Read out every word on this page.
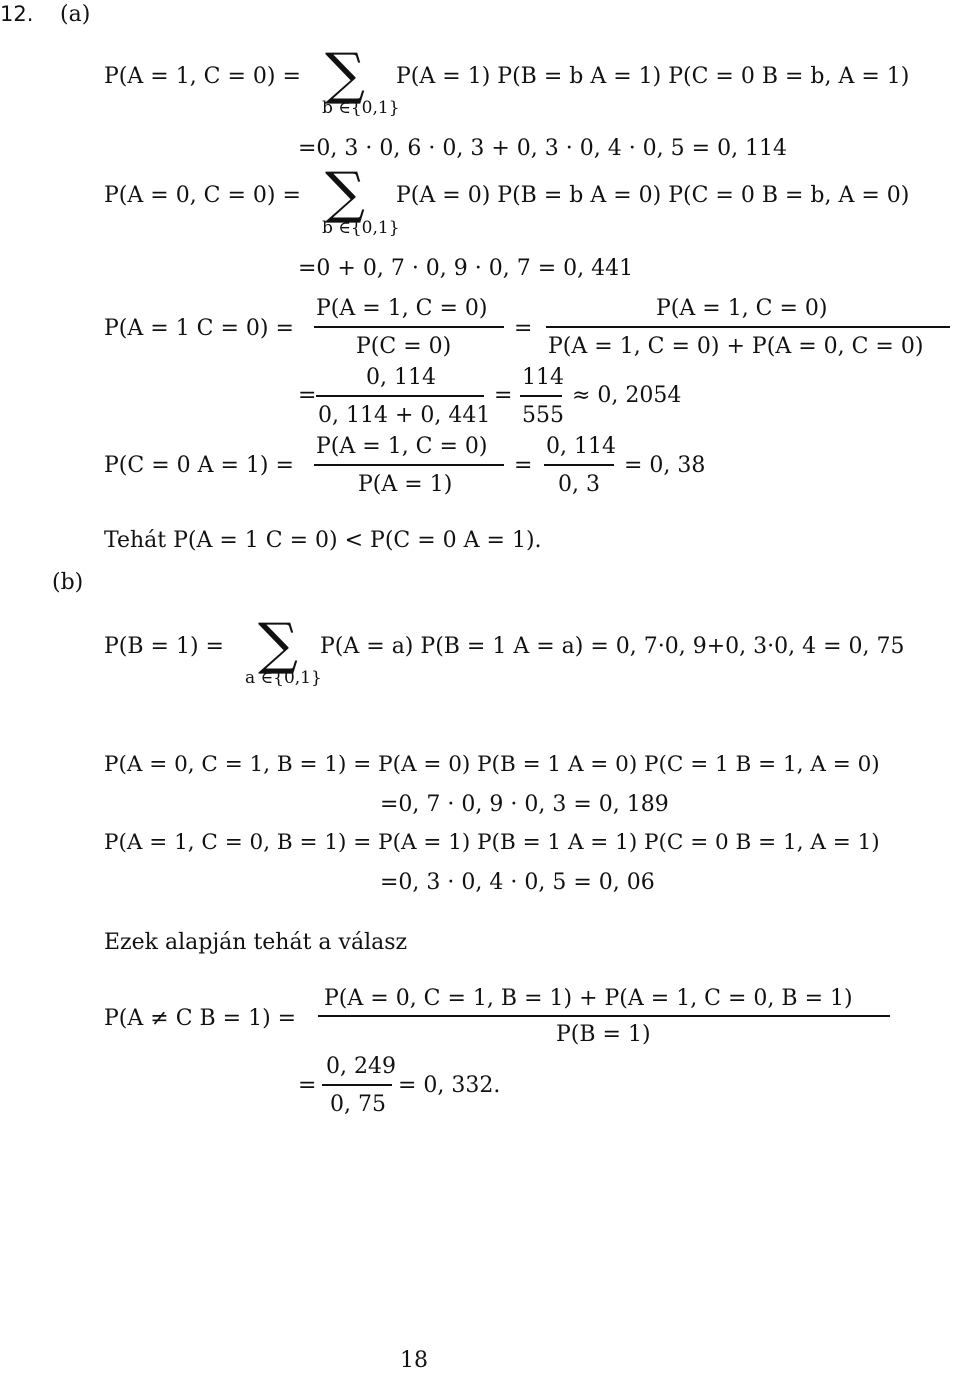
12. (a)
P(A = 1, C = 0) = ∑
b ∈{0,1}
P(A = 1) P(B = b A = 1) P(C = 0 B = b, A = 1)
=0, 3 · 0, 6 · 0, 3 + 0, 3 · 0, 4 · 0, 5 = 0, 114
P(A = 0, C = 0) = ∑
b ∈{0,1}
P(A = 0) P(B = b A = 0) P(C = 0 B = b, A = 0)
=0 + 0, 7 · 0, 9 · 0, 7 = 0, 441
P(A = 1 C = 0) =
P(A = 1, C = 0)
P(C = 0)
=
P(A = 1, C = 0)
P(A = 1, C = 0) + P(A = 0, C = 0)
=
0, 114
0, 114 + 0, 441
=
114
555
≈ 0, 2054
P(C = 0 A = 1) =
P(A = 1, C = 0)
P(A = 1)
=
0, 114
0, 3
= 0, 38
Tehát P(A = 1 C = 0) < P(C = 0 A = 1).
(b)
P(B = 1) = ∑
a ∈{0,1}
P(A = a) P(B = 1 A = a) = 0, 7·0, 9+0, 3·0, 4 = 0, 75
P(A = 0, C = 1, B = 1) = P(A = 0) P(B = 1 A = 0) P(C = 1 B = 1, A = 0)
=0, 7 · 0, 9 · 0, 3 = 0, 189
P(A = 1, C = 0, B = 1) = P(A = 1) P(B = 1 A = 1) P(C = 0 B = 1, A = 1)
=0, 3 · 0, 4 · 0, 5 = 0, 06
Ezek alapján tehát a válasz
P(A ≠ C B = 1) =
P(A = 0, C = 1, B = 1) + P(A = 1, C = 0, B = 1)
P(B = 1)
=
0, 249
0, 75
= 0, 332.
18
